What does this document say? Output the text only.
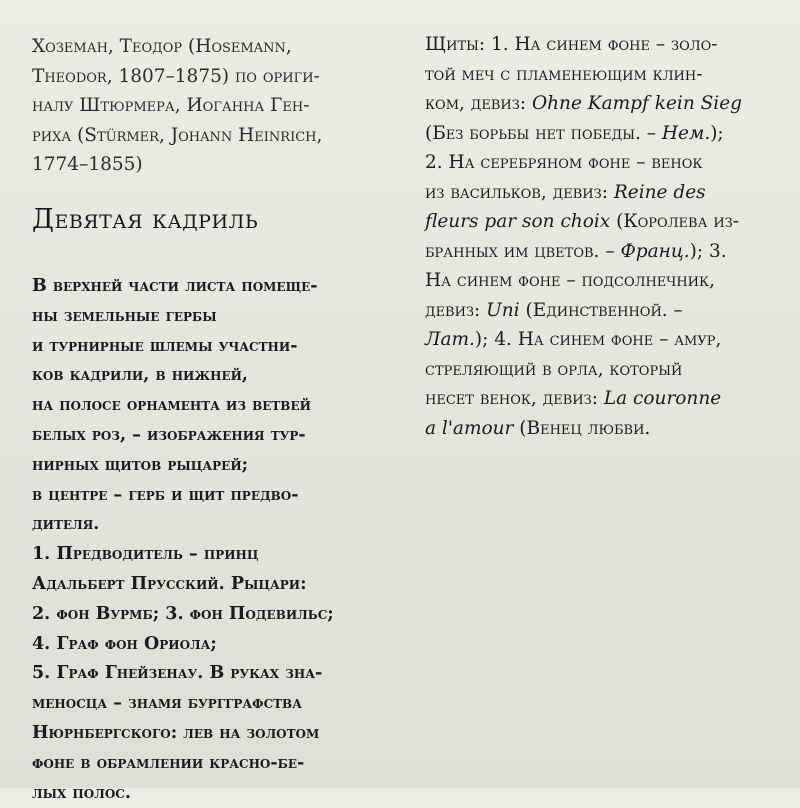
Хоземан, Теодор (Hosemann,
Theodor, 1807–1875) по ориги-
налу Штюрмера, Иоганна Ген-
риха (Stürmer, Johann Heinrich,
1774–1855)
Девятая кадриль
В верхней части листа помеще-
ны земельные гербы
и турнирные шлемы участни-
ков кадрили, в нижней,
на полосе орнамента из ветвей
белых роз, – изображения тур-
нирных щитов рыцарей;
в центре – герб и щит предво-
дителя.
1. Предводитель – принц
Адальберт Прусский. Рыцари:
2. фон Вурмб; 3. фон Подевильс;
4. Граф фон Ориола;
5. Граф Гнейзенау. В руках зна-
меносца – знамя бургграфства
Нюрнбергского: лев на золотом
фоне в обрамлении красно-бе-
лых полос.
Щиты: 1. На синем фоне – золо-
той меч с пламенеющим клин-
ком, девиз: Ohne Kampf kein Sieg
(Без борьбы нет победы. – Нем.);
2. На серебряном фоне – венок
из васильков, девиз: Reine des
fleurs par son choix (Королева из-
бранных им цветов. – Франц.); 3.
На синем фоне – подсолнечник,
девиз: Uni (Единственной. –
Лат.); 4. На синем фоне – амур,
стреляющий в орла, который
несет венок, девиз: La couronne
a l'amour (Венец любви.
